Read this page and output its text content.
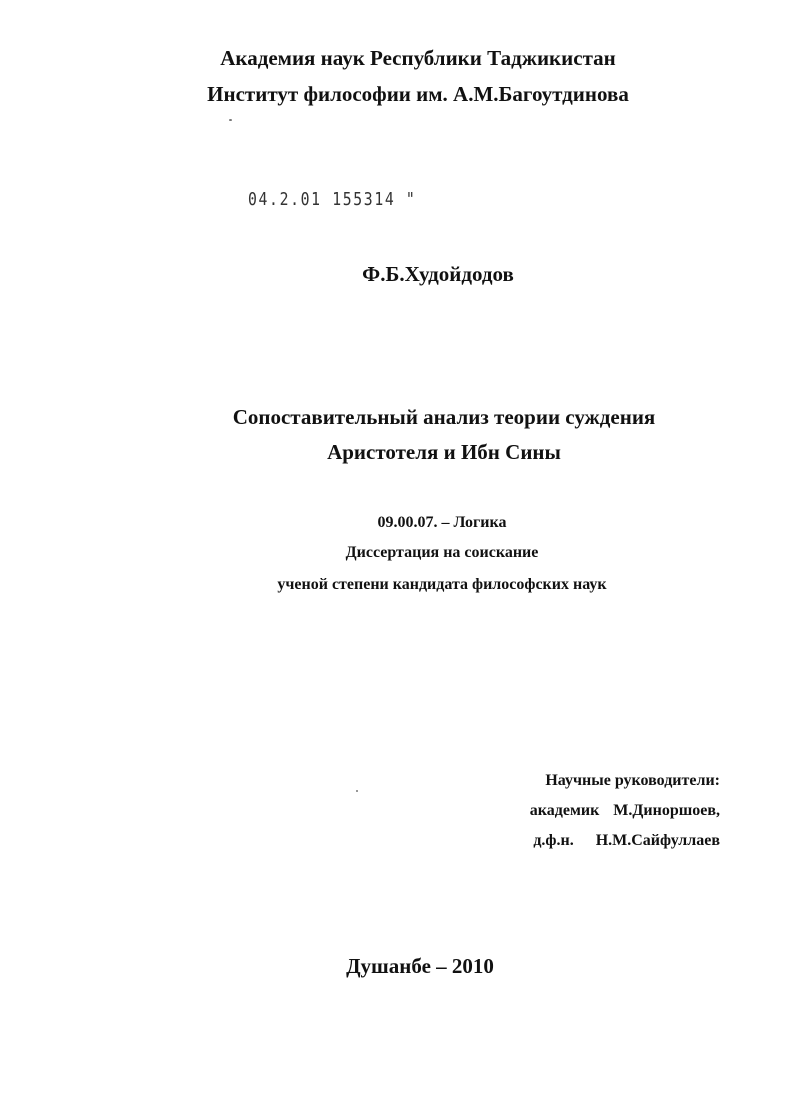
Академия наук Республики Таджикистан
Институт философии им. А.М.Багоутдинова
04.2.01 155314 "
Ф.Б.Худойдодов
Сопоставительный анализ теории суждения
Аристотеля и Ибн Сины
09.00.07. – Логика
Диссертация на соискание
ученой степени кандидата философских наук
Научные руководители:
академик М.Диноршоев,
д.ф.н. Н.М.Сайфуллаев
Душанбе – 2010
